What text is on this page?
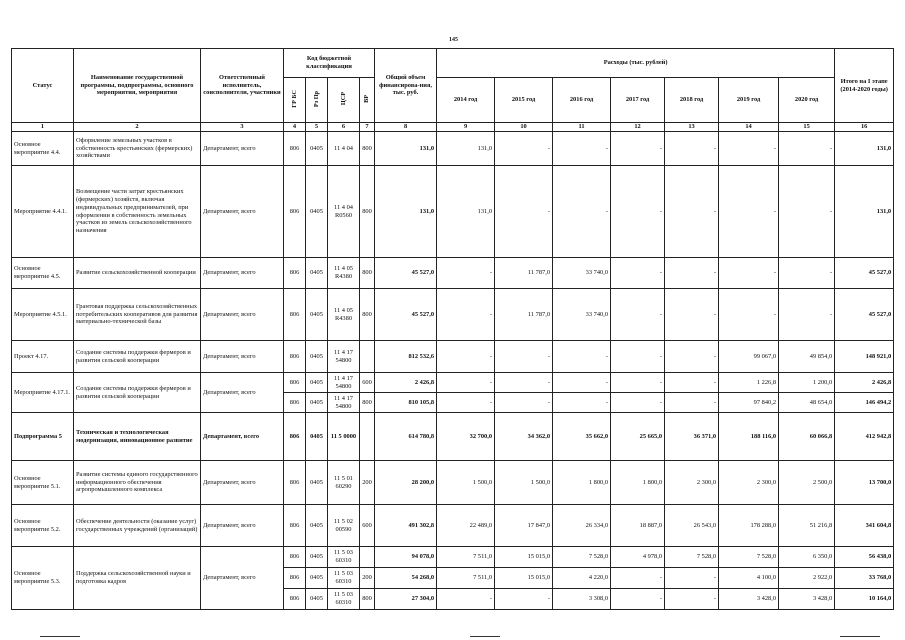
145
Статус	Наименование государственной программы, подпрограммы, основного мероприятия, мероприятия	Ответственный исполнитель, соисполнители, участники	Код бюджетной классификации				Общий объем финансирова-ния, тыс. руб.	Расходы (тыс. рублей)							Итого на I этапе (2014-2020 годы)
			ГР БС	Рз Пр	ЦСР	ВР		2014 год	2015 год	2016 год	2017 год	2018 год	2019 год	2020 год	
1	2	3	4	5	6	7	8	9	10	11	12	13	14	15	16
Основное мероприятие 4.4.	Оформление земельных участков в собственность крестьянских (фермерских) хозяйствами	Департамент, всего	806	0405	11 4 04	800	131,0	131,0	-	-	-	-	-	-	131,0
Мероприятие 4.4.1.	Возмещение части затрат крестьянских (фермерских) хозяйств, включая индивидуальных предпринимателей, при оформлении в собственность земельных участков из земель сельскохозяйственного назначения	Департамент, всего	806	0405	11 4 04 R0560	800	131,0	131,0	-	-	-	-	-	-	131,0
Основное мероприятие 4.5.	Развитие сельскохозяйственной кооперации	Департамент, всего	806	0405	11 4 05 R4380	800	45 527,0	-	11 787,0	33 740,0	-	-	-	-	45 527,0
Мероприятие 4.5.1.	Грантовая поддержка сельскохозяйственных потребительских кооперативов для развития материально-технической базы	Департамент, всего	806	0405	11 4 05 R4380	800	45 527,0	-	11 787,0	33 740,0	-	-	-	-	45 527,0
Проект 4.17.	Создание системы поддержки фермеров и развития сельской кооперации	Департамент, всего	806	0405	11 4 17 54800		812 532,6	-	-	-	-	-	99 067,0	49 854,0	148 921,0
Мероприятие 4.17.1.	Создание системы поддержки фермеров и развития сельской кооперации	Департамент, всего	806	0405	11 4 17 54800	600	2 426,8	-	-	-	-	-	1 226,8	1 200,0	2 426,8
			806	0405	11 4 17 54800	800	810 105,8	-	-	-	-	-	97 840,2	48 654,0	146 494,2
Подпрограмма 5	Техническая и технологическая модернизация, инновационное развитие	Департамент, всего	806	0405	11 5 0000		614 780,8	32 700,0	34 362,0	35 662,0	25 665,0	36 371,0	188 116,0	60 066,8	412 942,8
Основное мероприятие 5.1.	Развитие системы единого государственного информационного обеспечения агропромышленного комплекса	Департамент, всего	806	0405	11 5 01 60290	200	28 200,0	1 500,0	1 500,0	1 800,0	1 800,0	2 300,0	2 300,0	2 500,0	13 700,0
Основное мероприятие 5.2.	Обеспечение деятельности (оказание услуг) государственных учреждений (организаций)	Департамент, всего	806	0405	11 5 02 00590	600	491 302,8	22 489,0	17 847,0	26 334,0	18 887,0	26 543,0	178 288,0	51 216,8	341 604,8
Основное мероприятие 5.3.	Поддержка сельскохозяйственной науки и подготовка кадров	Департамент, всего	806	0405	11 5 03 60310		94 078,0	7 511,0	15 015,0	7 528,0	4 978,0	7 528,0	7 528,0	6 350,0	56 438,0
			806	0405	11 5 03 60310	200	54 268,0	7 511,0	15 015,0	4 220,0	-	-	4 100,0	2 922,0	33 768,0
			806	0405	11 5 03 60310	800	27 304,0	-	-	3 308,0	-	-	3 428,0	3 428,0	10 164,0
